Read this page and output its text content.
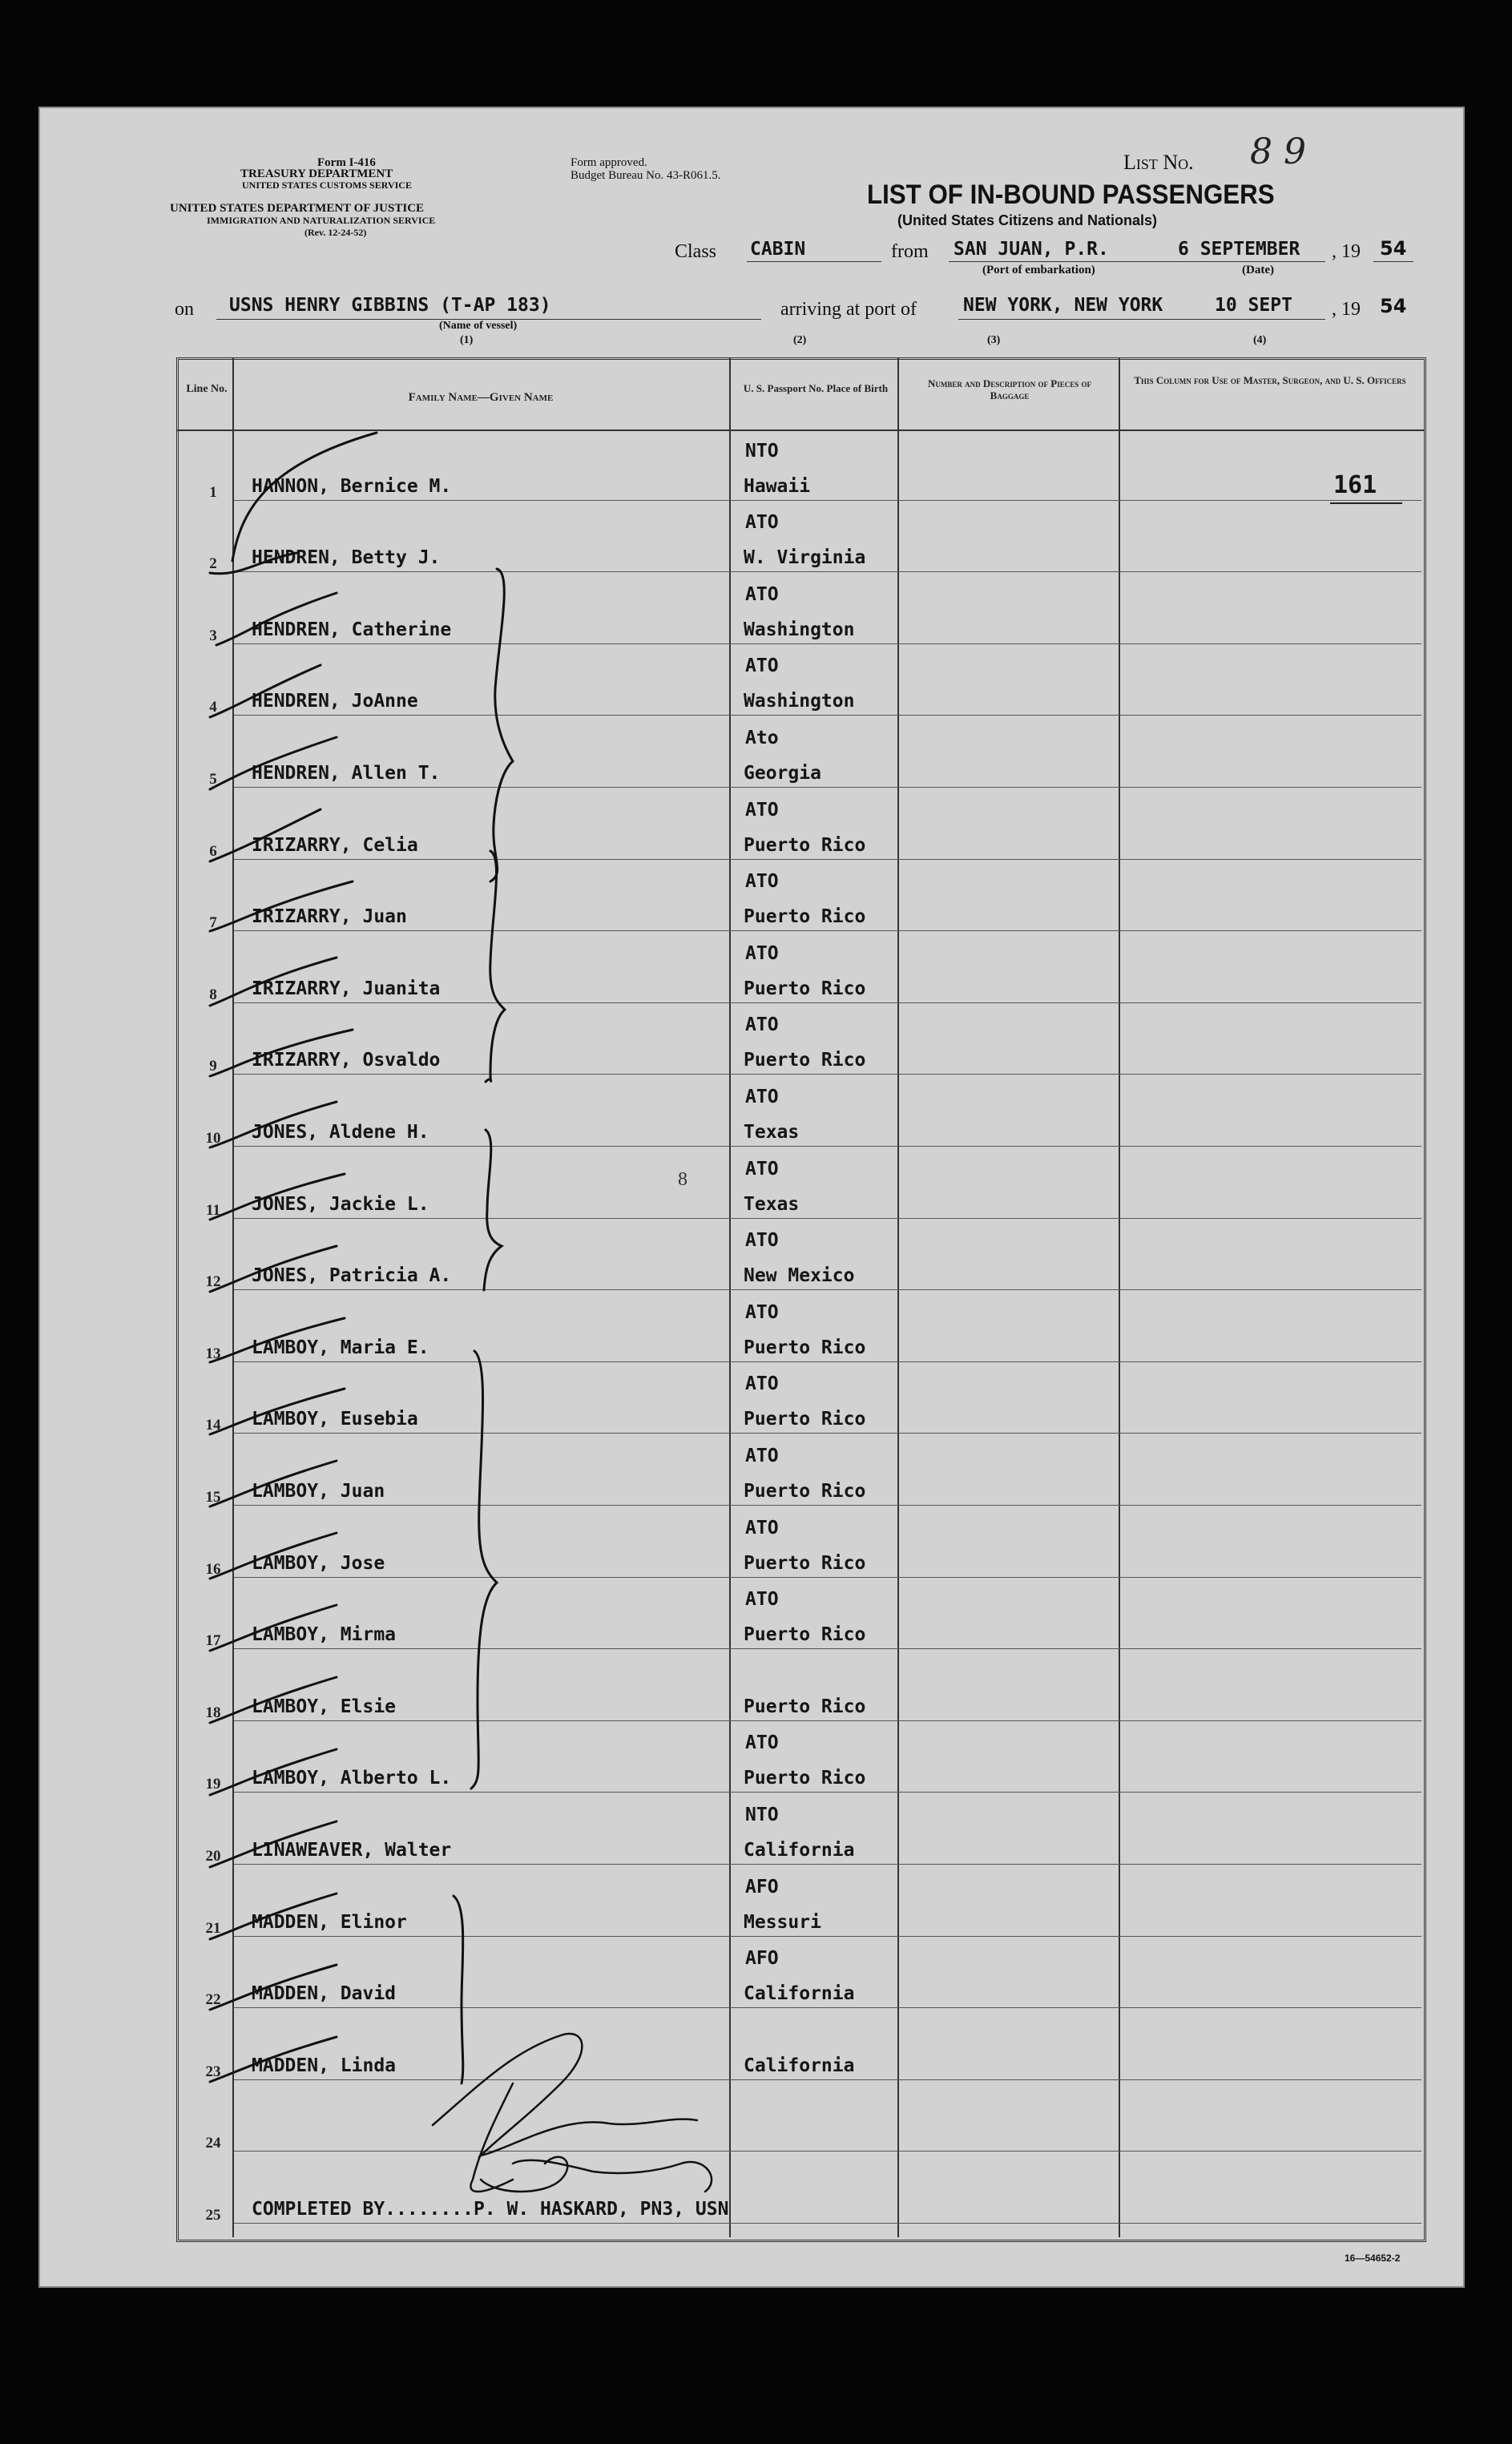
Form I-416
TREASURY DEPARTMENT
UNITED STATES CUSTOMS SERVICE
UNITED STATES DEPARTMENT OF JUSTICE
IMMIGRATION AND NATURALIZATION SERVICE
(Rev. 12-24-52)
Form approved.
Budget Bureau No. 43-R061.5.
List No. 8 9
LIST OF IN-BOUND PASSENGERS
(United States Citizens and Nationals)
Class CABIN	from SAN JUAN, P.R.	6 SEPTEMBER , 19 54
(Port of embarkation)	(Date)
on USNS HENRY GIBBINS (T-AP 183)
(Name of vessel)
arriving at port of	NEW YORK, NEW YORK	10 SEPT , 19 54
(1)	(2)	(3)	(4)
Line No.
Family Name—Given Name
U. S. Passport No. Place of Birth	Number and Description of Pieces of Baggage
This Column for Use of Master, Surgeon, and U. S. Officers
1	HANNON, Bernice M.
NTO
Hawaii	161
2	HENDREN, Betty J.
ATO
W. Virginia
3	HENDREN, Catherine
ATO
Washington
4	HENDREN, JoAnne
ATO
Washington
5	HENDREN, Allen T.
Ato
Georgia
6	IRIZARRY, Celia
ATO
Puerto Rico
7	IRIZARRY, Juan
ATO
Puerto Rico
8	IRIZARRY, Juanita
ATO
Puerto Rico
9	IRIZARRY, Osvaldo
ATO
Puerto Rico
10	JONES, Aldene H.
ATO
Texas
11	JONES, Jackie L.
ATO
Texas
12	JONES, Patricia A.
ATO
New Mexico
13	LAMBOY, Maria E.
ATO
Puerto Rico
14	LAMBOY, Eusebia
ATO
Puerto Rico
15	LAMBOY, Juan
ATO
Puerto Rico
16	LAMBOY, Jose
ATO
Puerto Rico
17	LAMBOY, Mirma
ATO
Puerto Rico
18	LAMBOY, Elsie	Puerto Rico
19	LAMBOY, Alberto L.
ATO
Puerto Rico
20	LINAWEAVER, Walter
NTO
California
21	MADDEN, Elinor
AFO
Messuri
22	MADDEN, David
AFO
California
23	MADDEN, Linda	California
24
25	COMPLETED BY........P. W. HASKARD, PN3, USN
8
16—54652-2
